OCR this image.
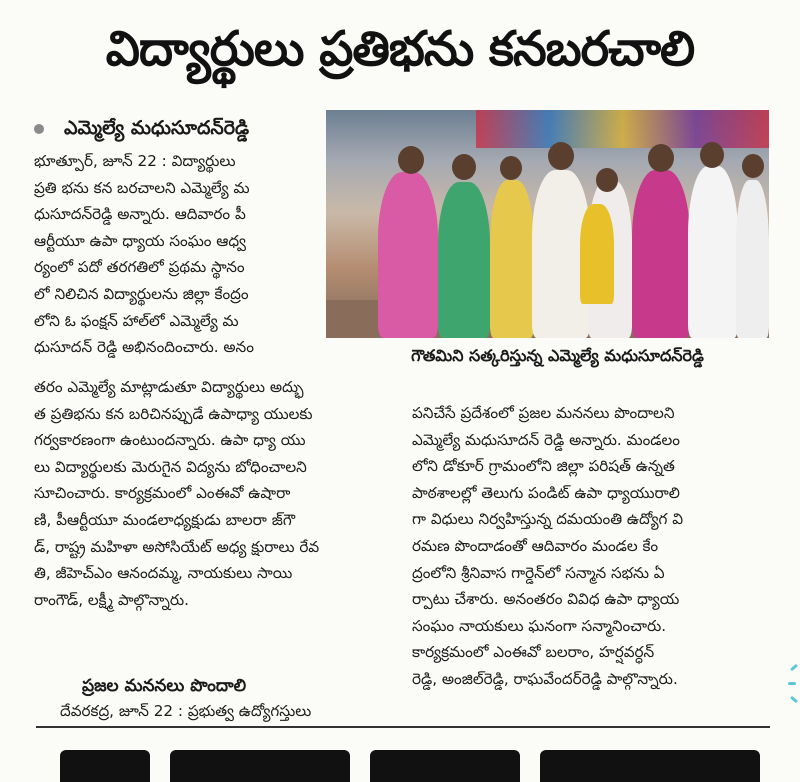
విద్యార్థులు ప్రతిభను కనబరచాలి
ఎమ్మెల్యే మధుసూదన్‌రెడ్డి
భూత్పూర్‌, జూన్‌ 22 : విద్యార్థులు
ప్రతి భను కన బరచాలని ఎమ్మెల్యే మ
ధుసూదన్‌రెడ్డి అన్నారు. ఆదివారం పీ
ఆర్టీయూ ఉపా ధ్యాయ సంఘం ఆధ్వ
ర్యంలో పదో తరగతిలో ప్రథమ స్థానం
లో నిలిచిన విద్యార్థులను జిల్లా కేంద్రం
లోని ఓ ఫంక్షన్‌ హాల్‌లో ఎమ్మెల్యే మ
ధుసూదన్‌ రెడ్డి అభినందించారు. అనం	గౌతమిని సత్కరిస్తున్న ఎమ్మెల్యే మధుసూదన్‌రెడ్డి
తరం ఎమ్మెల్యే మాట్లాడుతూ విద్యార్థులు అద్భు
త ప్రతిభను కన బరిచినప్పుడే ఉపాధ్యా యులకు
గర్వకారణంగా ఉంటుందన్నారు. ఉపా ధ్యా యు
లు విద్యార్థులకు మెరుగైన విద్యను బోధించాలని
సూచించారు. కార్యక్రమంలో ఎంఈవో ఉషారా
ణి, పీఆర్టీయూ మండలాధ్యక్షుడు బాలరా జ్‌గౌ
డ్‌, రాష్ట్ర మహిళా అసోసియేట్‌ అధ్య క్షురాలు రేవ
తి, జీహెచ్‌ఎం ఆనందమ్మ, నాయకులు సాయి
రాంగౌడ్‌, లక్ష్మీ పాల్గొన్నారు.
ప్రజల మననలు పొందాలి
దేవరకద్ర, జూన్‌ 22 : ప్రభుత్వ ఉద్యోగస్తులు
పనిచేసే ప్రదేశంలో ప్రజల మననలు పొందాలని
ఎమ్మెల్యే మధుసూదన్‌ రెడ్డి అన్నారు. మండలం
లోని డోకూర్‌ గ్రామంలోని జిల్లా పరిషత్‌ ఉన్నత
పాఠశాలల్లో తెలుగు పండిట్‌ ఉపా ధ్యాయురాలి
గా విధులు నిర్వహిస్తున్న దమయంతి ఉద్యోగ వి
రమణ పొందాడంతో ఆదివారం మండల కేం
ద్రంలోని శ్రీనివాస గార్డెన్‌లో సన్మాన సభను ఏ
ర్పాటు చేశారు. అనంతరం వివిధ ఉపా ధ్యాయ
సంఘం నాయకులు ఘనంగా సన్మానించారు.
కార్యక్రమంలో ఎంఈవో బలరాం, హర్షవర్ధన్‌
రెడ్డి, అంజిల్‌రెడ్డి, రాఘవేందర్‌రెడ్డి పాల్గొన్నారు.
